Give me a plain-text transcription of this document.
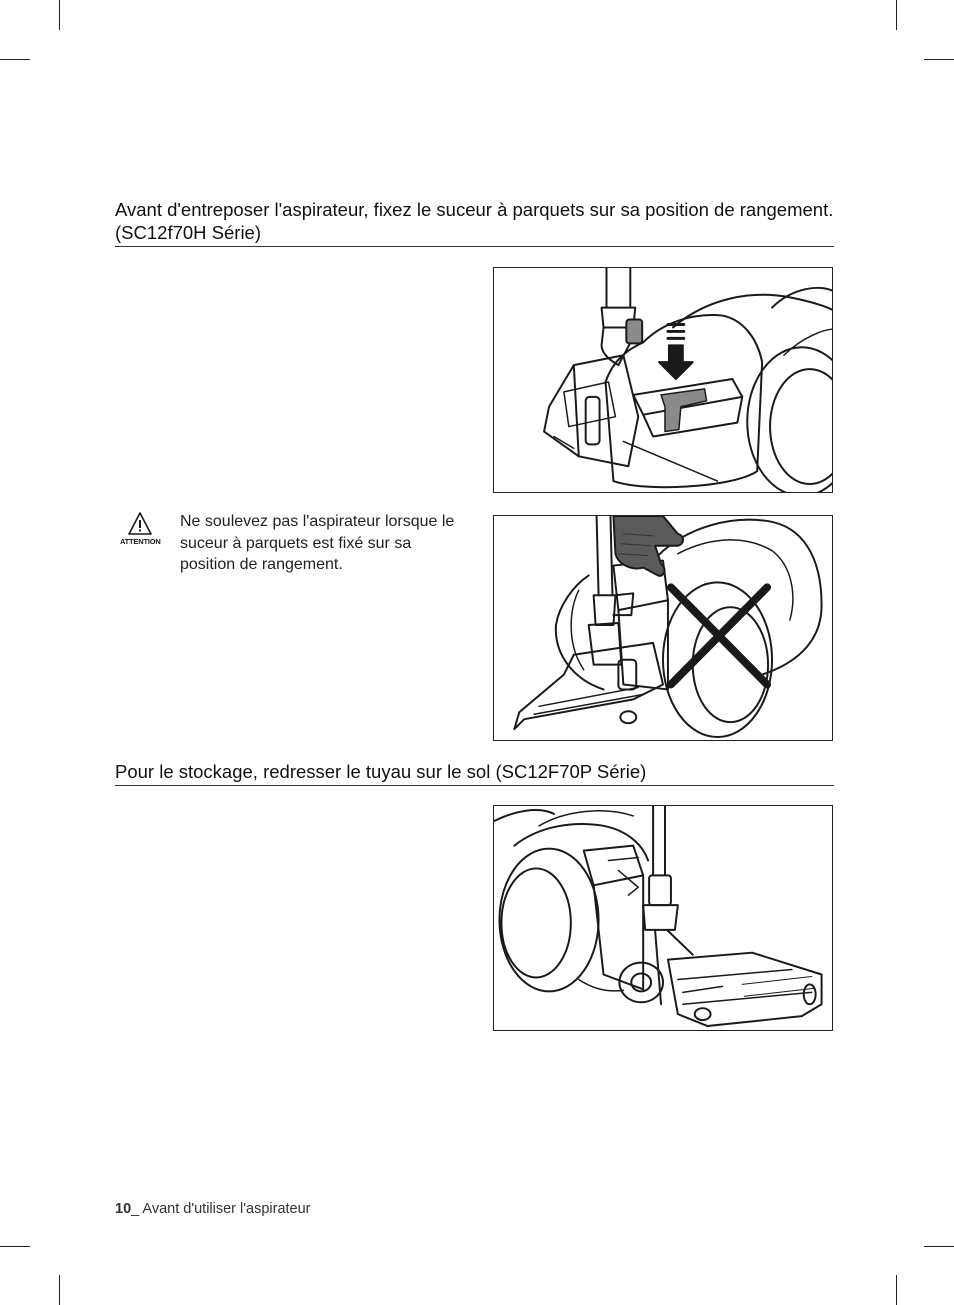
Avant d'entreposer l'aspirateur, fixez le suceur à parquets sur sa position de rangement. (SC12f70H Série)
ATTENTION
Ne soulevez pas l'aspirateur lorsque le suceur à parquets est fixé sur sa position de rangement.
Pour le stockage, redresser le tuyau sur le sol (SC12F70P Série)
10_ Avant d'utiliser l'aspirateur
